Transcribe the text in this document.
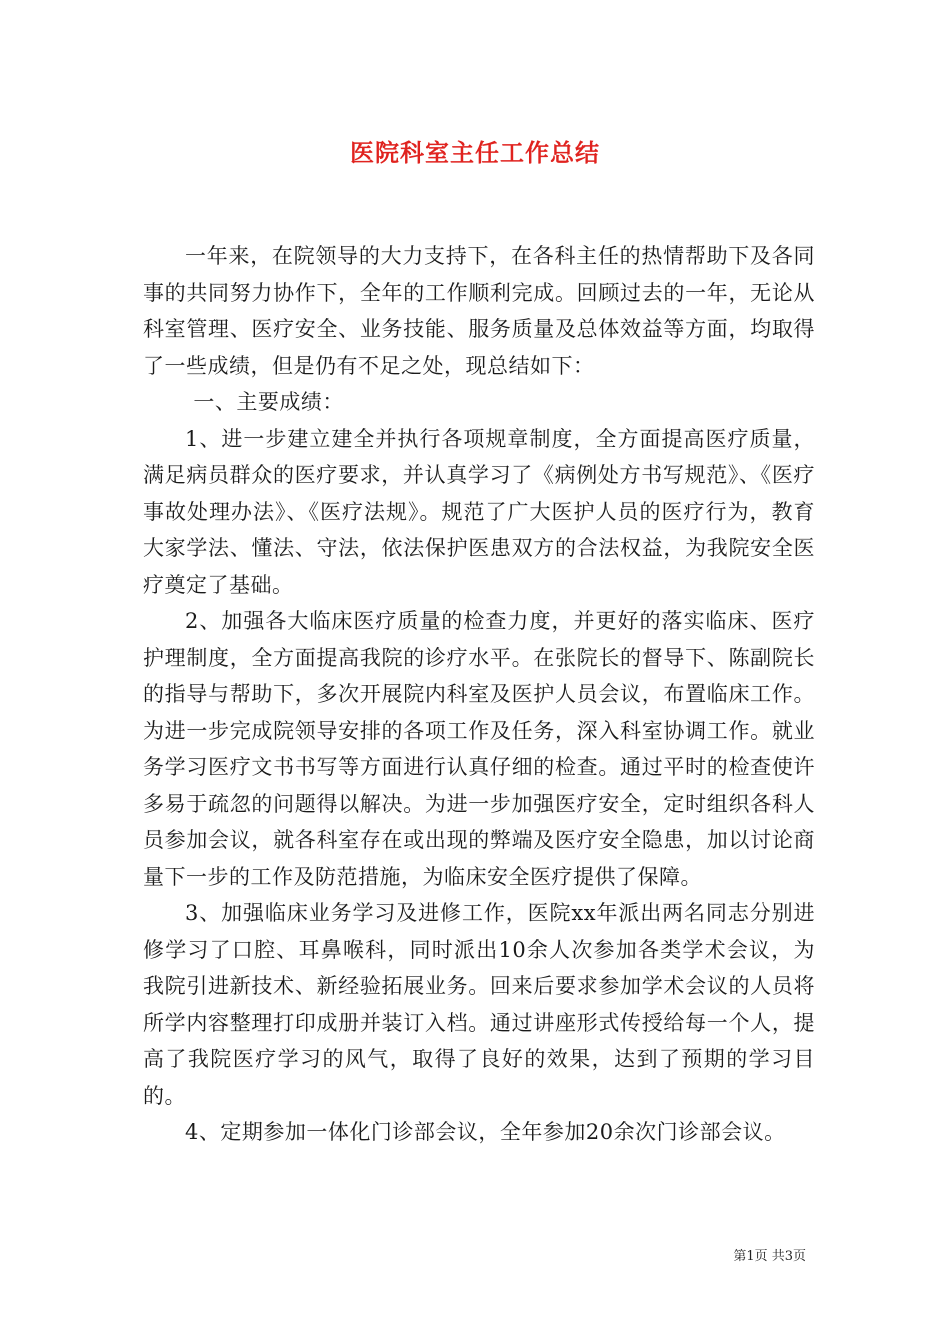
医院科室主任工作总结

一年来，在院领导的大力支持下，在各科主任的热情帮助下及各同事的共同努力协作下，全年的工作顺利完成。回顾过去的一年，无论从科室管理、医疗安全、业务技能、服务质量及总体效益等方面，均取得了一些成绩，但是仍有不足之处，现总结如下：

一、主要成绩：

1、进一步建立建全并执行各项规章制度，全方面提高医疗质量，满足病员群众的医疗要求，并认真学习了《病例处方书写规范》、《医疗事故处理办法》、《医疗法规》。规范了广大医护人员的医疗行为，教育大家学法、懂法、守法，依法保护医患双方的合法权益，为我院安全医疗奠定了基础。

2、加强各大临床医疗质量的检查力度，并更好的落实临床、医疗护理制度，全方面提高我院的诊疗水平。在张院长的督导下、陈副院长的指导与帮助下，多次开展院内科室及医护人员会议，布置临床工作。为进一步完成院领导安排的各项工作及任务，深入科室协调工作。就业务学习医疗文书书写等方面进行认真仔细的检查。通过平时的检查使许多易于疏忽的问题得以解决。为进一步加强医疗安全，定时组织各科人员参加会议，就各科室存在或出现的弊端及医疗安全隐患，加以讨论商量下一步的工作及防范措施，为临床安全医疗提供了保障。

3、加强临床业务学习及进修工作，医院xx年派出两名同志分别进修学习了口腔、耳鼻喉科，同时派出10余人次参加各类学术会议，为我院引进新技术、新经验拓展业务。回来后要求参加学术会议的人员将所学内容整理打印成册并装订入档。通过讲座形式传授给每一个人，提高了我院医疗学习的风气，取得了良好的效果，达到了预期的学习目的。

4、定期参加一体化门诊部会议，全年参加20余次门诊部会议。

第1页 共3页
